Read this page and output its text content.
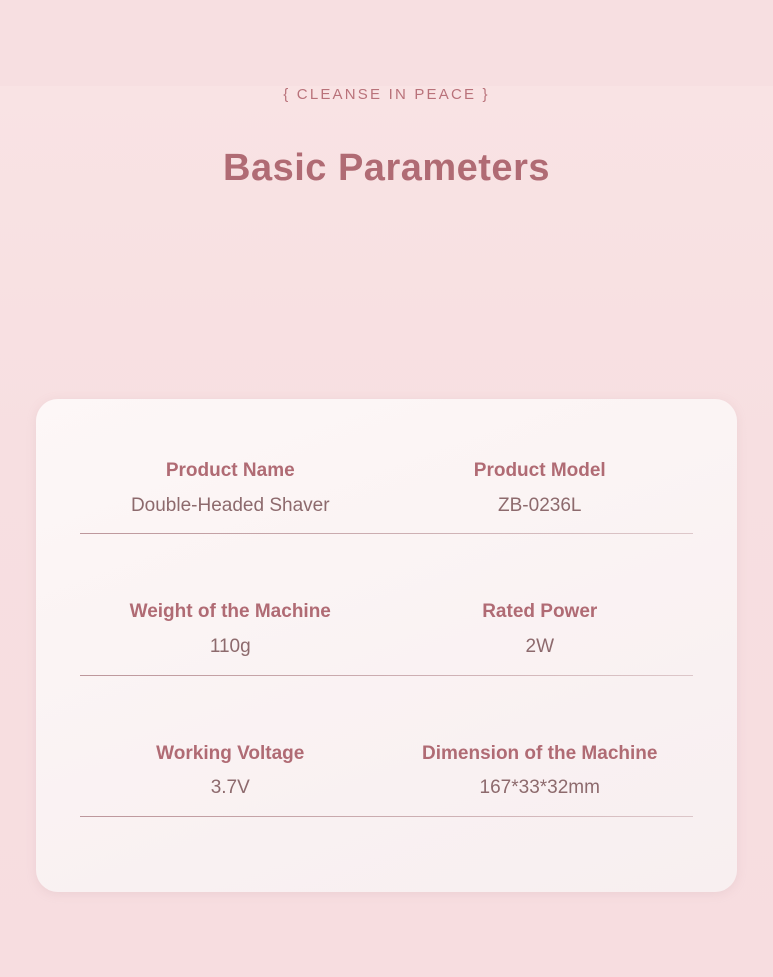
{ CLEANSE IN PEACE }
Basic Parameters
Product Name
Double-Headed Shaver
Product Model
ZB-0236L
Weight of the Machine
110g
Rated Power
2W
Working Voltage
3.7V
Dimension of the Machine
167*33*32mm
